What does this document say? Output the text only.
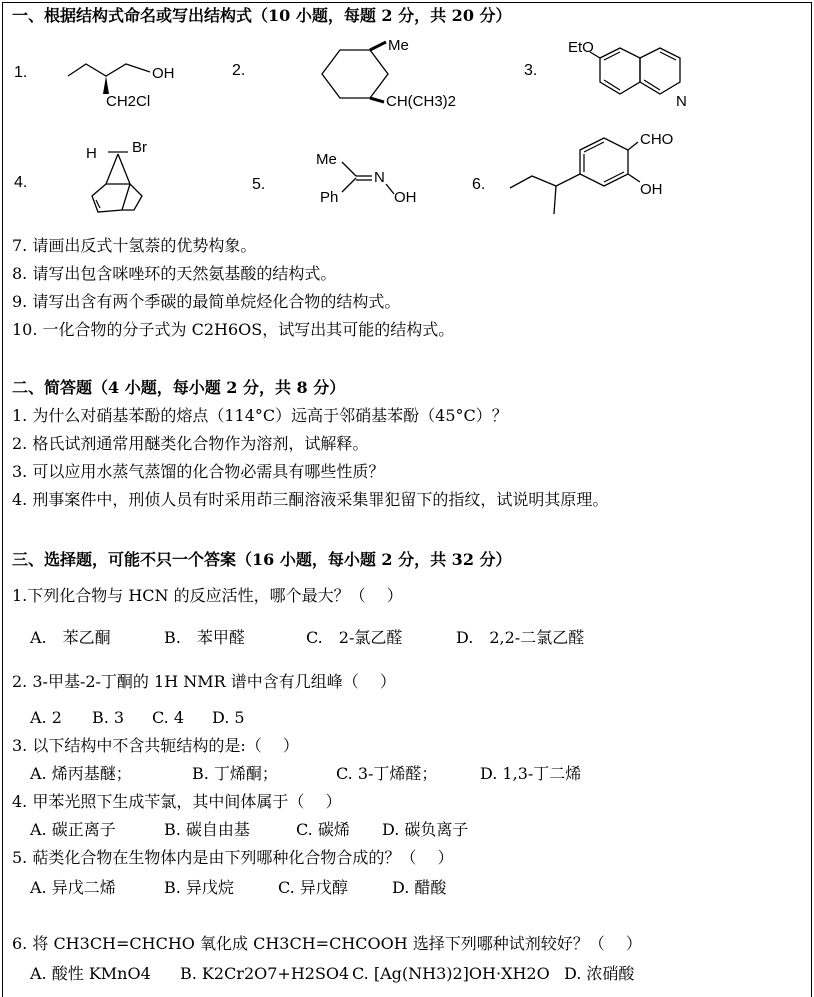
一、根据结构式命名或写出结构式（10 小题，每题 2 分，共 20 分）
1.	OH
CH2Cl
2.
Me
CH(CH3)2
3.
EtO
N
4.
H Br
5.
Me
N
Ph	OH
6.
CHO
OH
7. 请画出反式十氢萘的优势构象。
8. 请写出包含咪唑环的天然氨基酸的结构式。
9. 请写出含有两个季碳的最简单烷烃化合物的结构式。
10. 一化合物的分子式为 C2H6OS，试写出其可能的结构式。
二、简答题（4 小题，每小题 2 分，共 8 分）
1. 为什么对硝基苯酚的熔点（114°C）远高于邻硝基苯酚（45°C）？
2. 格氏试剂通常用醚类化合物作为溶剂，试解释。
3. 可以应用水蒸气蒸馏的化合物必需具有哪些性质？
4. 刑事案件中，刑侦人员有时采用茚三酮溶液采集罪犯留下的指纹，试说明其原理。
三、选择题，可能不只一个答案（16 小题，每小题 2 分，共 32 分）
1.下列化合物与 HCN 的反应活性，哪个最大？（　 ）
A.　苯乙酮	B.　苯甲醛	C.　2-氯乙醛	D.　2,2-二氯乙醛
2. 3-甲基-2-丁酮的 1H NMR 谱中含有几组峰（　 ）
A. 2 B. 3 C. 4 D. 5
3. 以下结构中不含共轭结构的是:（　 ）
A. 烯丙基醚；	B. 丁烯酮；	C. 3-丁烯醛；	D. 1,3-丁二烯
4. 甲苯光照下生成苄氯，其中间体属于（　 ）
A. 碳正离子	B. 碳自由基	C. 碳烯 D. 碳负离子
5. 萜类化合物在生物体内是由下列哪种化合物合成的？（　 ）
A. 异戊二烯	B. 异戊烷	C. 异戊醇	D. 醋酸
6. 将 CH3CH=CHCHO 氧化成 CH3CH=CHCOOH 选择下列哪种试剂较好？（　 ）
A. 酸性 KMnO4 B. K2Cr2O7+H2SO4 C. [Ag(NH3)2]OH·XH2O D. 浓硝酸
